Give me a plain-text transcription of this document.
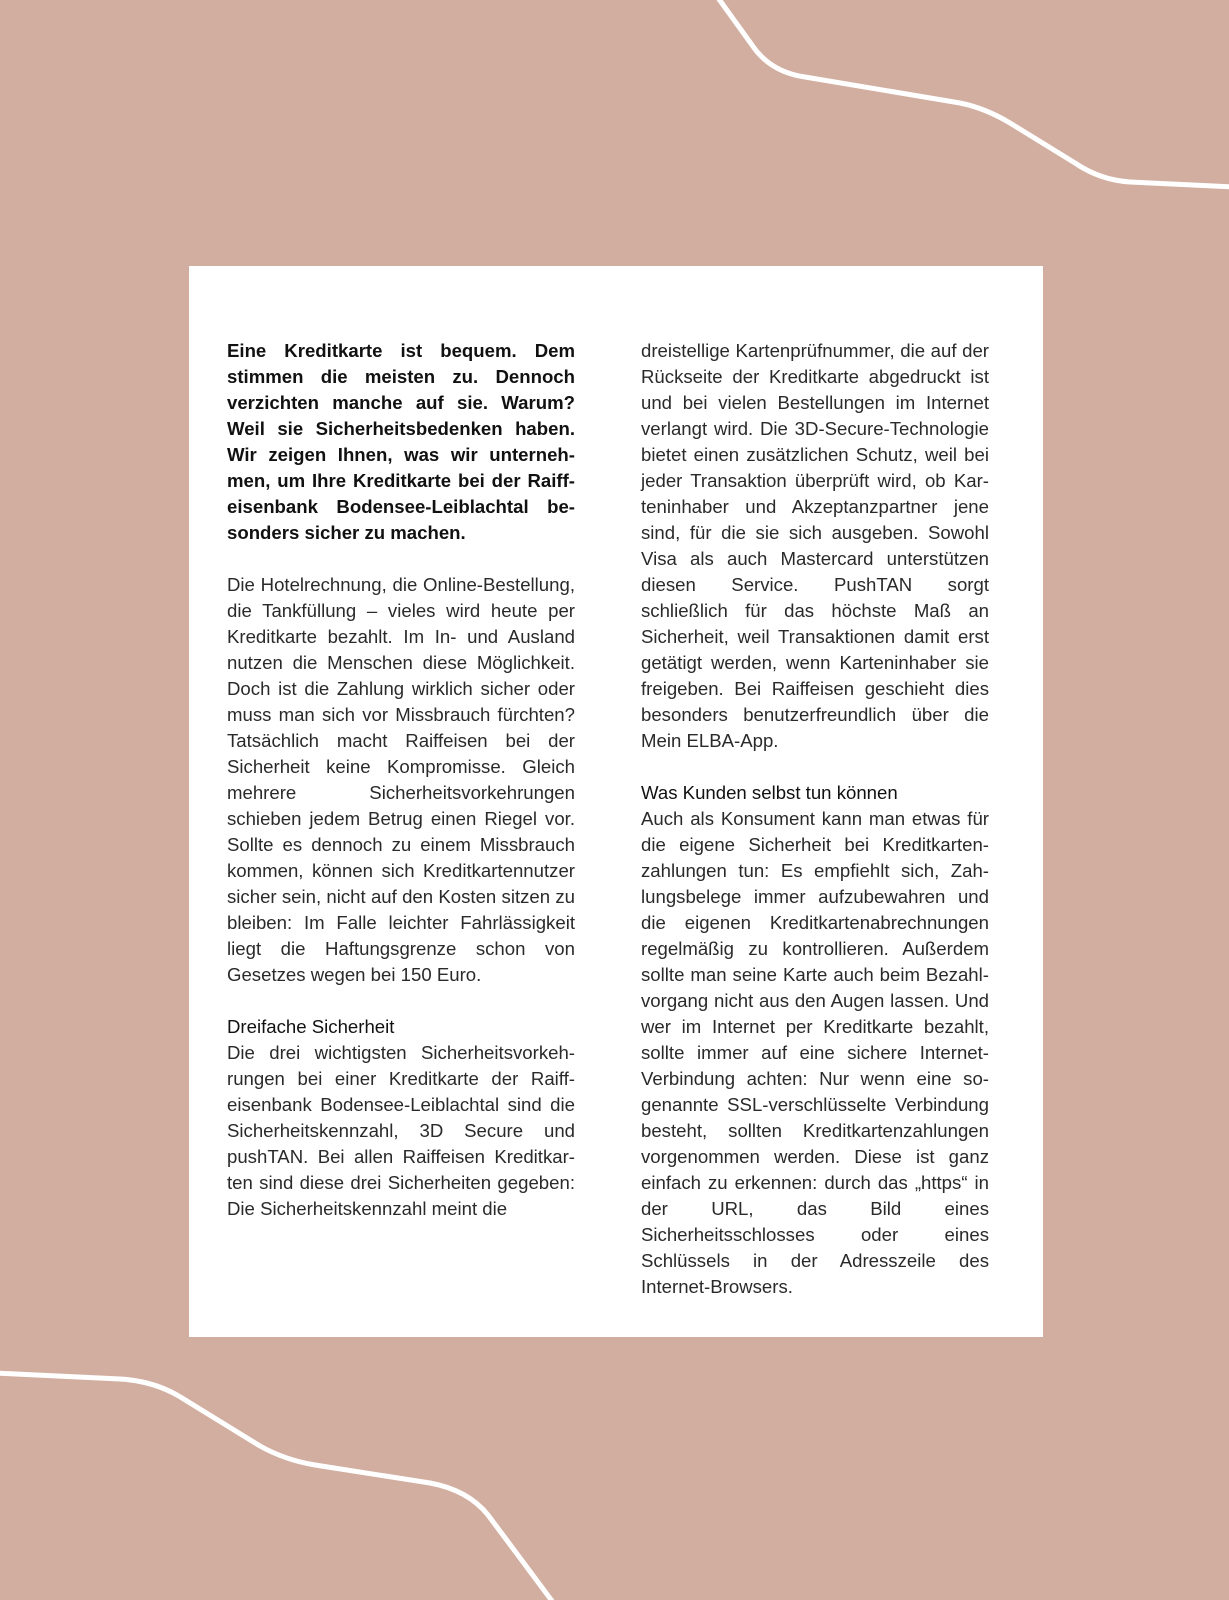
Eine Kreditkarte ist bequem. Dem stimmen die meisten zu. Dennoch verzichten manche auf sie. Warum? Weil sie Sicherheitsbedenken haben. Wir zeigen Ihnen, was wir unternehmen, um Ihre Kreditkarte bei der Raiffeisenbank Bodensee-Leiblachtal besonders sicher zu machen.

Die Hotelrechnung, die Online-Bestellung, die Tankfüllung – vieles wird heute per Kreditkarte bezahlt. Im In- und Ausland nutzen die Menschen diese Möglichkeit. Doch ist die Zahlung wirklich sicher oder muss man sich vor Missbrauch fürchten? Tatsächlich macht Raiffeisen bei der Sicherheit keine Kompromisse. Gleich mehrere Sicherheitsvorkehrungen schieben jedem Betrug einen Riegel vor. Sollte es dennoch zu einem Missbrauch kommen, können sich Kreditkartennutzer sicher sein, nicht auf den Kosten sitzen zu bleiben: Im Falle leichter Fahrlässigkeit liegt die Haftungsgrenze schon von Gesetzes wegen bei 150 Euro.

Dreifache Sicherheit

Die drei wichtigsten Sicherheitsvorkehrungen bei einer Kreditkarte der Raiffeisenbank Bodensee-Leiblachtal sind die Sicherheitskennzahl, 3D Secure und pushTAN. Bei allen Raiffeisen Kreditkarten sind diese drei Sicherheiten gegeben: Die Sicherheitskennzahl meint die

dreistellige Kartenprüfnummer, die auf der Rückseite der Kreditkarte abgedruckt ist und bei vielen Bestellungen im Internet verlangt wird. Die 3D-Secure-Technologie bietet einen zusätzlichen Schutz, weil bei jeder Transaktion überprüft wird, ob Karteninhaber und Akzeptanzpartner jene sind, für die sie sich ausgeben. Sowohl Visa als auch Mastercard unterstützen diesen Service. PushTAN sorgt schließlich für das höchste Maß an Sicherheit, weil Transaktionen damit erst getätigt werden, wenn Karteninhaber sie freigeben. Bei Raiffeisen geschieht dies besonders benutzerfreundlich über die Mein ELBA-App.

Was Kunden selbst tun können

Auch als Konsument kann man etwas für die eigene Sicherheit bei Kreditkartenzahlungen tun: Es empfiehlt sich, Zahlungsbelege immer aufzubewahren und die eigenen Kreditkartenabrechnungen regelmäßig zu kontrollieren. Außerdem sollte man seine Karte auch beim Bezahlvorgang nicht aus den Augen lassen. Und wer im Internet per Kreditkarte bezahlt, sollte immer auf eine sichere Internet-Verbindung achten: Nur wenn eine sogenannte SSL-verschlüsselte Verbindung besteht, sollten Kreditkartenzahlungen vorgenommen werden. Diese ist ganz einfach zu erkennen: durch das „https“ in der URL, das Bild eines Sicherheitsschlosses oder eines Schlüssels in der Adresszeile des Internet-Browsers.
